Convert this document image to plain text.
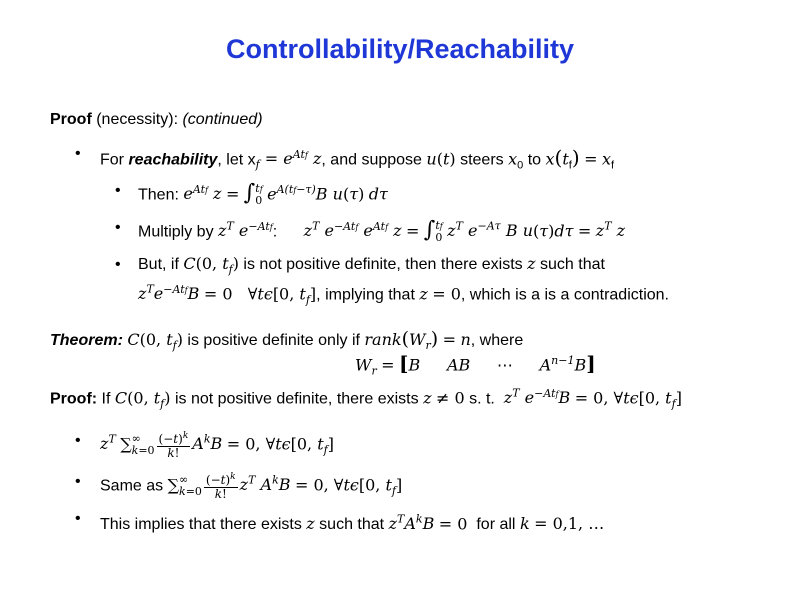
Controllability/Reachability
Proof (necessity): (continued)
• For reachability, let $x_f = e^{Atf}$ z, and suppose u(t) steers $x_0$ to $x(t_f) = x_f$
• Then: $e^{Atf}$ z = ∫tf
0 $e^{A(tf-\tau)}B$ u(τ) dτ
• Multiply by $z^T$ $e^{-Atf}$: $z^T$ $e^{-Atf}$ $e^{Atf}$ z = ∫tf
0 $z^T$ $e^{-A\tau}$ B $u(\tau)d\tau = z^T$ z
• But, if C(0, $t_f$) is not positive definite, then there exists z such that
$z^Te^{-Atf}B = 0$   ∀tϵ[0, $t_f$], implying that z = 0, which is a is a contradiction.
Theorem: C(0, $t_f$) is positive definite only if $rank(W_r) = n$, where
$W_r = [B$ AB ⋯ $A^{n-1}B$]
Proof: If C(0, $t_f$) is not positive definite, there exists z ≠ 0 s. t.  $z^T$ $e^{-Atf}B = 0$, ∀tϵ[0, $t_f$]
• $z^T$ ∑∞
$k=0 \frac{(-t)^k}{k!} A^kB = 0$, ∀tϵ[0, $t_f$]
• Same as ∑∞
$k=0 \frac{(-t)^k}{k!} z^T$ $A^kB = 0$, ∀tϵ[0, $t_f$]
• This implies that there exists z such that $z^TA^kB = 0$  for all k = 0,1, …
